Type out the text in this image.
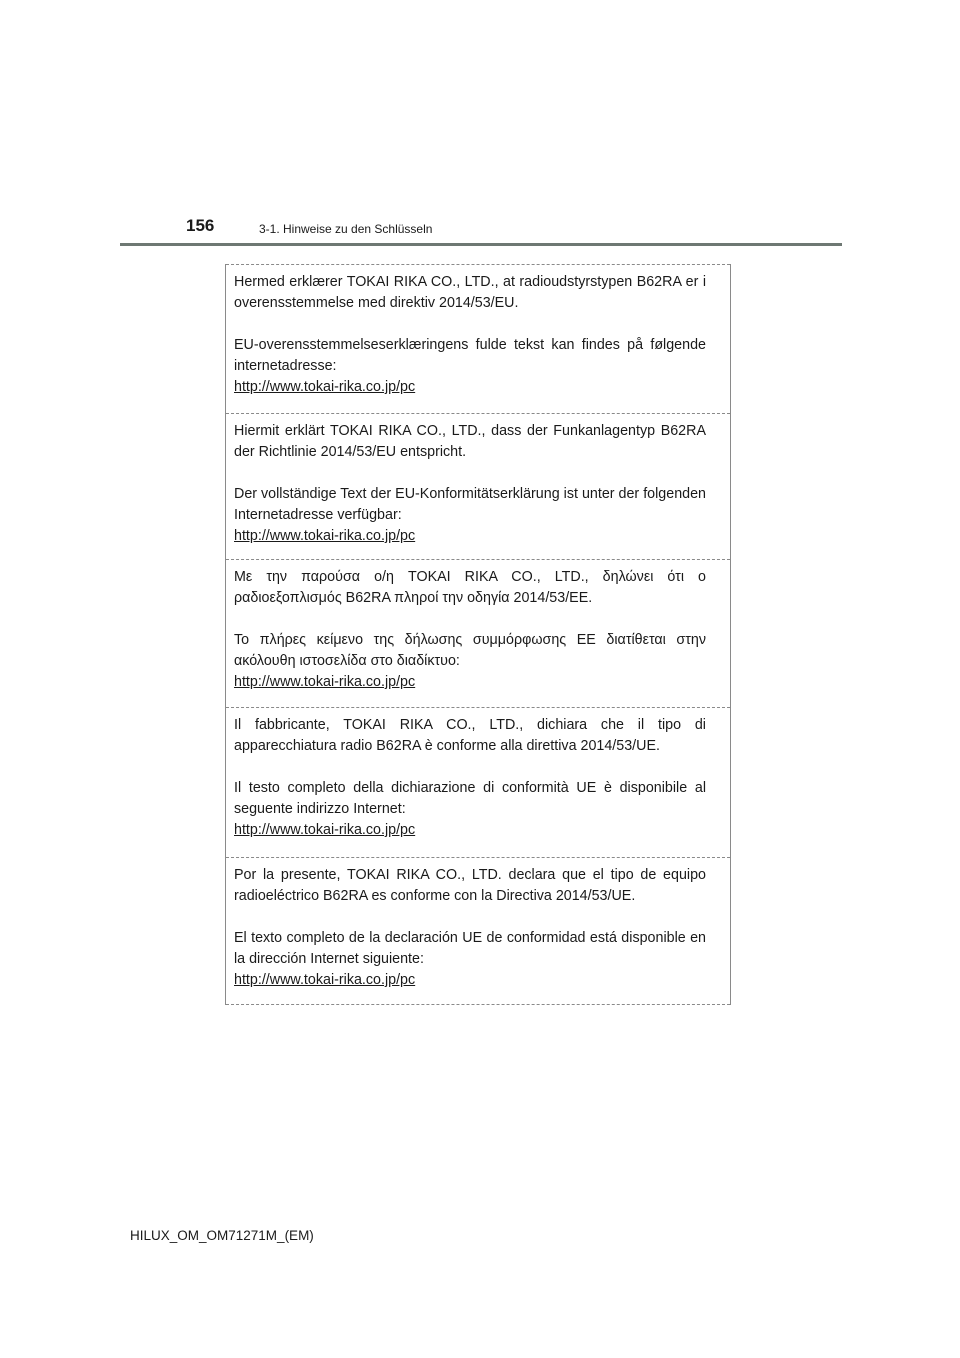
156	3-1. Hinweise zu den Schlüsseln

Hermed erklærer TOKAI RIKA CO., LTD., at radioudstyrstypen B62RA er i overensstemmelse med direktiv 2014/53/EU.

EU-overensstemmelseserklæringens fulde tekst kan findes på følgende internetadresse:
http://www.tokai-rika.co.jp/pc

Hiermit erklärt TOKAI RIKA CO., LTD., dass der Funkanlagentyp B62RA der Richtlinie 2014/53/EU entspricht.

Der vollständige Text der EU-Konformitätserklärung ist unter der folgenden Internetadresse verfügbar:
http://www.tokai-rika.co.jp/pc

Με την παρούσα ο/η TOKAI RIKA CO., LTD., δηλώνει ότι ο ραδιοεξοπλισμός B62RA πληροί την οδηγία 2014/53/ΕΕ.

Το πλήρες κείμενο της δήλωσης συμμόρφωσης ΕΕ διατίθεται στην ακόλουθη ιστοσελίδα στο διαδίκτυο:
http://www.tokai-rika.co.jp/pc

Il fabbricante, TOKAI RIKA CO., LTD., dichiara che il tipo di apparecchiatura radio B62RA è conforme alla direttiva 2014/53/UE.

Il testo completo della dichiarazione di conformità UE è disponibile al seguente indirizzo Internet:
http://www.tokai-rika.co.jp/pc

Por la presente, TOKAI RIKA CO., LTD. declara que el tipo de equipo radioeléctrico B62RA es conforme con la Directiva 2014/53/UE.

El texto completo de la declaración UE de conformidad está disponible en la dirección Internet siguiente:
http://www.tokai-rika.co.jp/pc

HILUX_OM_OM71271M_(EM)
